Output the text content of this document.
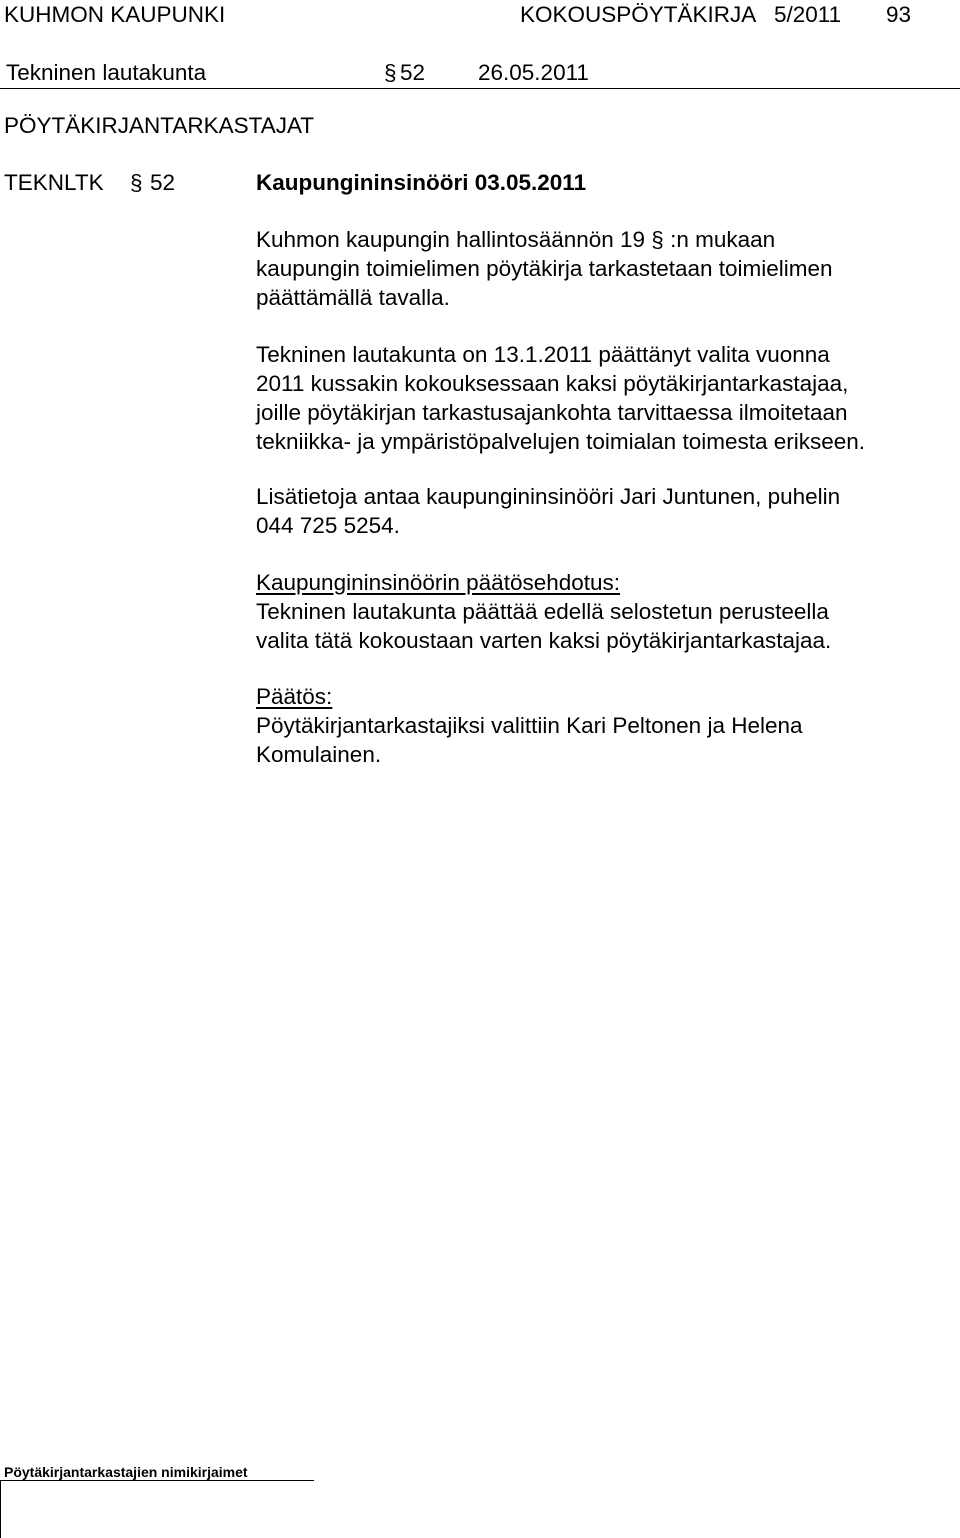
KUHMON KAUPUNKI	KOKOUSPÖYTÄKIRJA 5/2011 93
Tekninen lautakunta	§ 52 26.05.2011
PÖYTÄKIRJANTARKASTAJAT
TEKNLTK § 52	Kaupungininsinööri 03.05.2011

Kuhmon kaupungin hallintosäännön 19 § :n mukaan
kaupungin toimielimen pöytäkirja tarkastetaan toimielimen
päättämällä tavalla.

Tekninen lautakunta on 13.1.2011 päättänyt valita vuonna
2011 kussakin kokouksessaan kaksi pöytäkirjantarkastajaa,
joille pöytäkirjan tarkastusajankohta tarvittaessa ilmoitetaan
tekniikka- ja ympäristöpalvelujen toimialan toimesta erikseen.

Lisätietoja antaa kaupungininsinööri Jari Juntunen, puhelin
044 725 5254.

Kaupungininsinöörin päätösehdotus:

Tekninen lautakunta päättää edellä selostetun perusteella
valita tätä kokoustaan varten kaksi pöytäkirjantarkastajaa.

Päätös:

Pöytäkirjantarkastajiksi valittiin Kari Peltonen ja Helena
Komulainen.

Pöytäkirjantarkastajien nimikirjaimet
